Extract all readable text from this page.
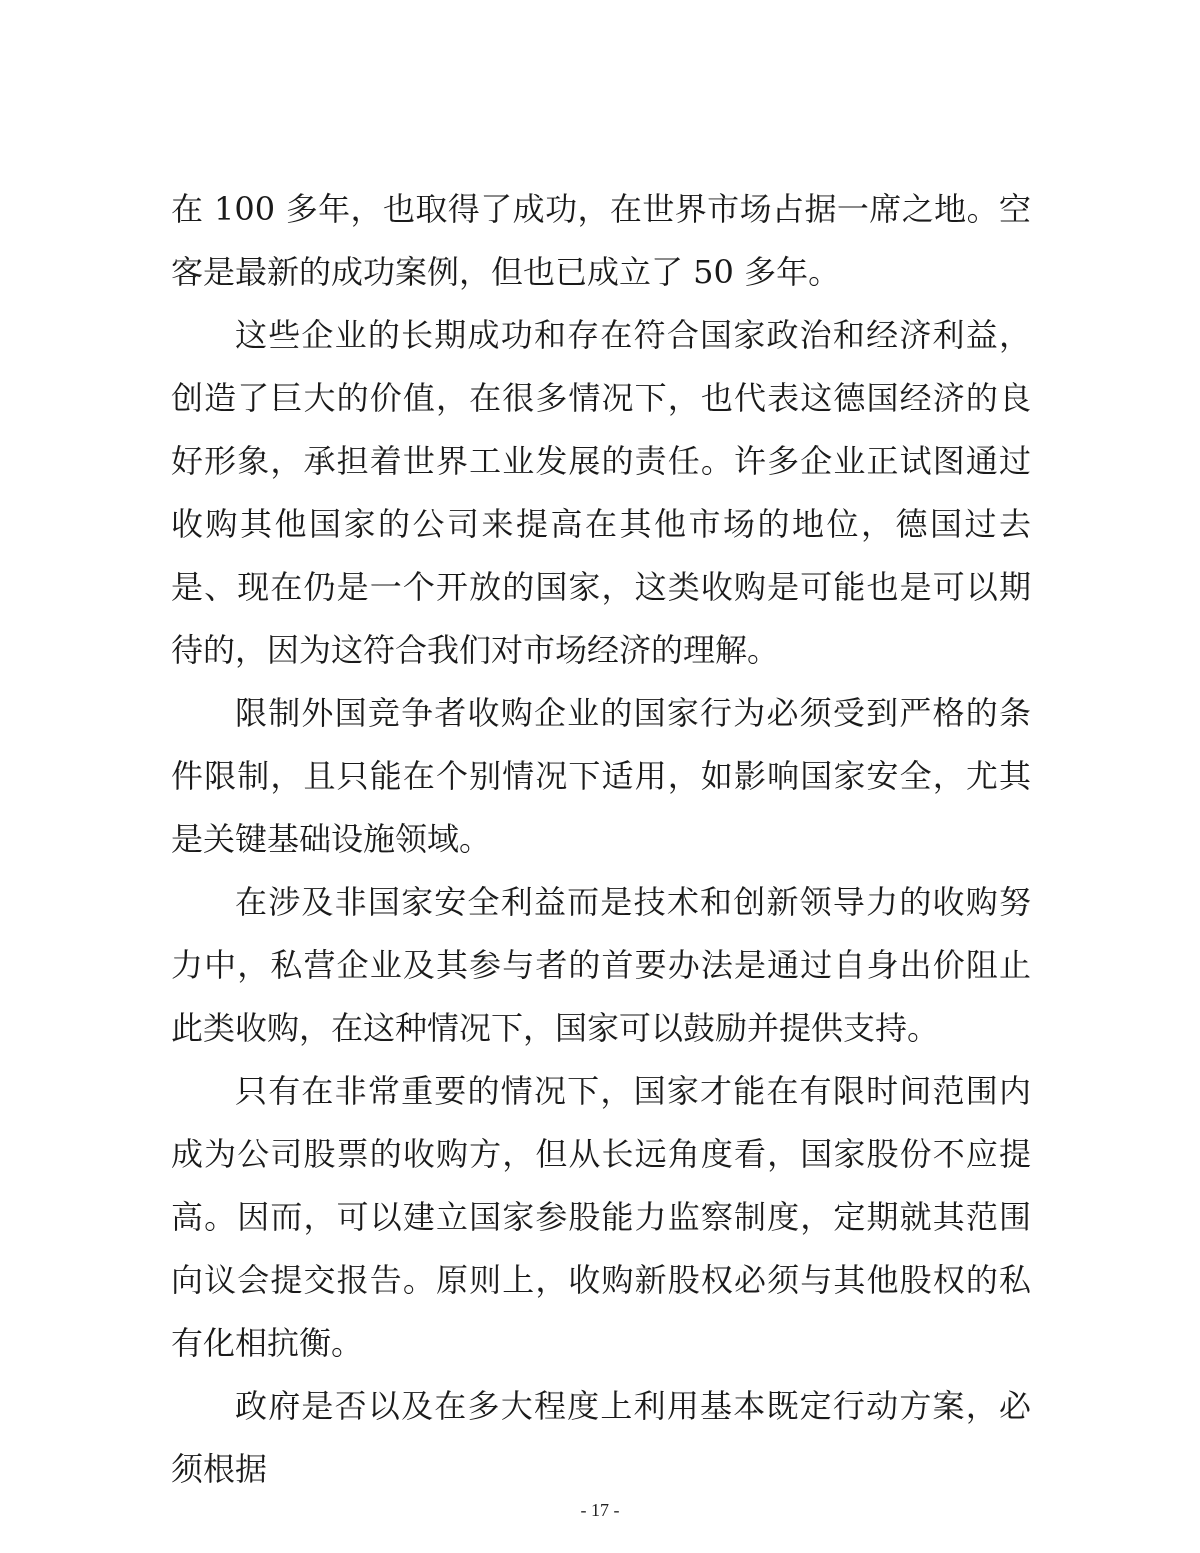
在 100 多年，也取得了成功，在世界市场占据一席之地。空客是最新的成功案例，但也已成立了 50 多年。

这些企业的长期成功和存在符合国家政治和经济利益，创造了巨大的价值，在很多情况下，也代表这德国经济的良好形象，承担着世界工业发展的责任。许多企业正试图通过收购其他国家的公司来提高在其他市场的地位，德国过去是、现在仍是一个开放的国家，这类收购是可能也是可以期待的，因为这符合我们对市场经济的理解。

限制外国竞争者收购企业的国家行为必须受到严格的条件限制，且只能在个别情况下适用，如影响国家安全，尤其是关键基础设施领域。

在涉及非国家安全利益而是技术和创新领导力的收购努力中，私营企业及其参与者的首要办法是通过自身出价阻止此类收购，在这种情况下，国家可以鼓励并提供支持。

只有在非常重要的情况下，国家才能在有限时间范围内成为公司股票的收购方，但从长远角度看，国家股份不应提高。因而，可以建立国家参股能力监察制度，定期就其范围向议会提交报告。原则上，收购新股权必须与其他股权的私有化相抗衡。

政府是否以及在多大程度上利用基本既定行动方案，必须根据

- 17 -
